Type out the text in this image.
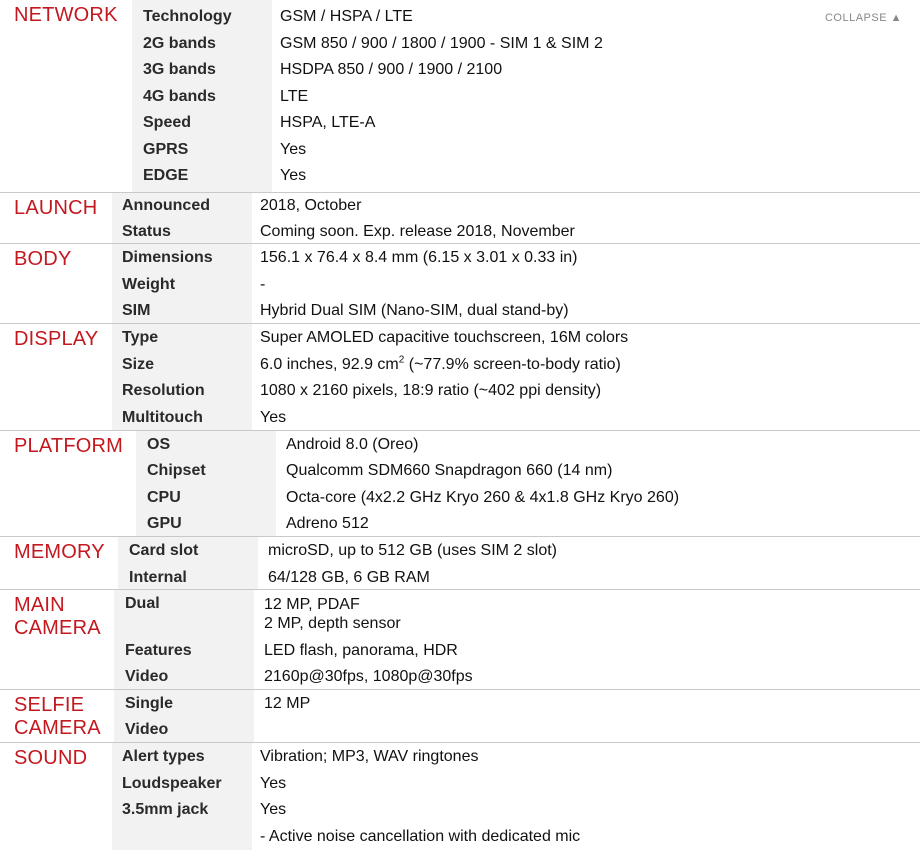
NETWORK	COLLAPSE ▲
Technology	GSM / HSPA / LTE
2G bands	GSM 850 / 900 / 1800 / 1900 - SIM 1 & SIM 2
3G bands	HSDPA 850 / 900 / 1900 / 2100
4G bands	LTE
Speed	HSPA, LTE-A
GPRS	Yes
EDGE	Yes
LAUNCH	Announced	2018, October
Status	Coming soon. Exp. release 2018, November
BODY	Dimensions	156.1 x 76.4 x 8.4 mm (6.15 x 3.01 x 0.33 in)
Weight	-
SIM	Hybrid Dual SIM (Nano-SIM, dual stand-by)
DISPLAY	Type	Super AMOLED capacitive touchscreen, 16M colors
Size	6.0 inches, 92.9 $cm^2$ (~77.9% screen-to-body ratio)
Resolution	1080 x 2160 pixels, 18:9 ratio (~402 ppi density)
Multitouch	Yes
PLATFORM	OS	Android 8.0 (Oreo)
Chipset	Qualcomm SDM660 Snapdragon 660 (14 nm)
CPU	Octa-core (4x2.2 GHz Kryo 260 & 4x1.8 GHz Kryo 260)
GPU	Adreno 512
MEMORY	Card slot	microSD, up to 512 GB (uses SIM 2 slot)
Internal	64/128 GB, 6 GB RAM
MAIN
CAMERA
Dual	12 MP, PDAF
2 MP, depth sensor
Features	LED flash, panorama, HDR
Video	2160p@30fps, 1080p@30fps
SELFIE
CAMERA
Single	12 MP
Video
SOUND	Alert types	Vibration; MP3, WAV ringtones
Loudspeaker Yes
3.5mm jack	Yes
- Active noise cancellation with dedicated mic
